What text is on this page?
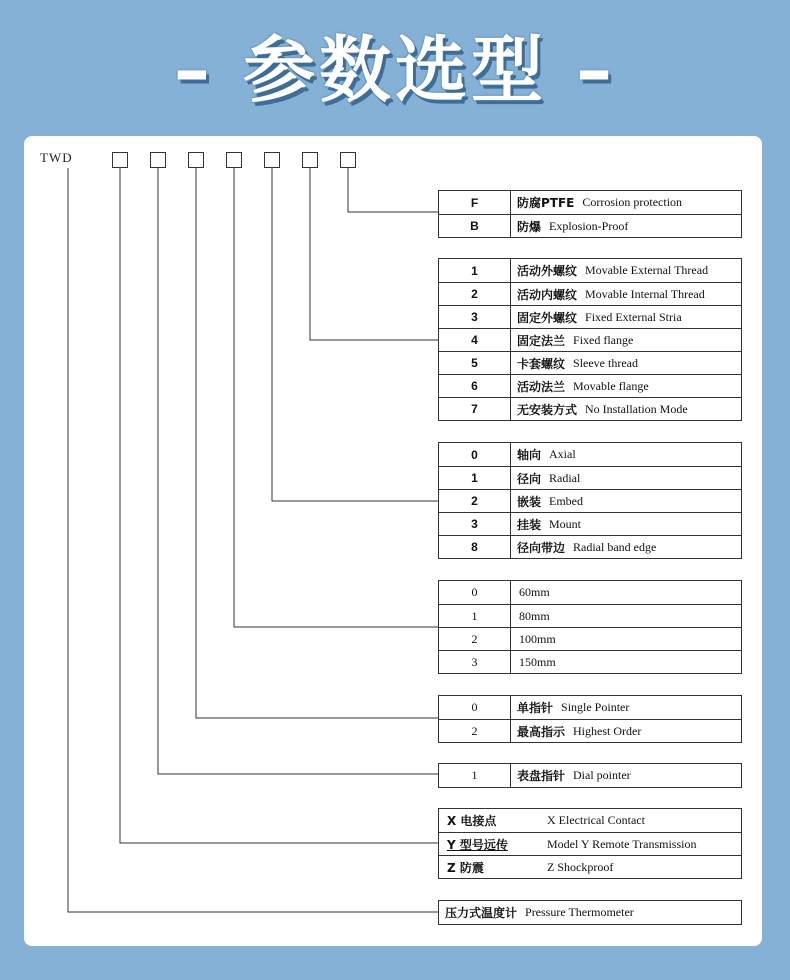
– 参数选型 –
TWD
F	防腐PTFE Corrosion protection
B	防爆 Explosion-Proof
1	活动外螺纹 Movable External Thread
2	活动内螺纹 Movable Internal Thread
3	固定外螺纹 Fixed External Stria
4	固定法兰 Fixed flange
5	卡套螺纹 Sleeve thread
6	活动法兰 Movable flange
7	无安装方式 No Installation Mode
0	轴向 Axial
1	径向 Radial
2	嵌装 Embed
3	挂装 Mount
8	径向带边 Radial band edge
0	60mm
1	80mm
2	100mm
3	150mm
0	单指针 Single Pointer
2	最高指示 Highest Order
1	表盘指针 Dial pointer
X 电接点	X Electrical Contact
Y 型号远传	Model Y Remote Transmission
Z 防震	Z Shockproof
压力式温度计 Pressure Thermometer
